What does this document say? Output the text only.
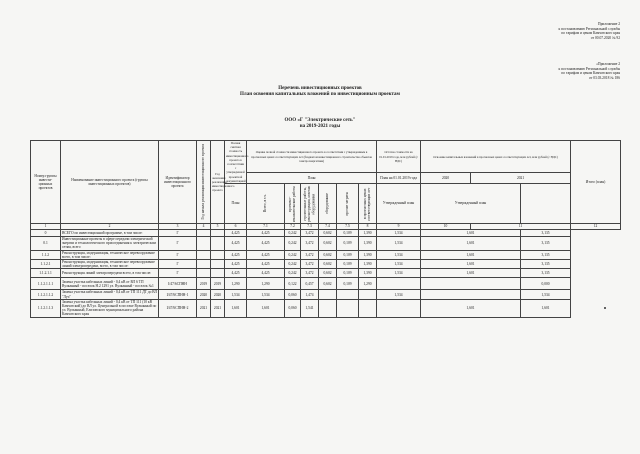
Приложение 2
к постановлению Региональной службы
по тарифам и ценам Камчатского края
от 00.07.2020 № 92
«Приложение 2
к постановлению Региональной службы
по тарифам и ценам Камчатского края
от 03.03.2018 № 186
Перечень инвестиционных проектов
План освоения капитальных вложений по инвестиционным проектам
ООО «Г "Электрические сеть"
на 2019-2021 годы
Номер группы инвести-ционных проектов	Наименование инвестиционного проекта (группы инвестиционных проектов)	Идентификатор инвестиционного проекта	Год начала реализации инвестиционного проекта	Год окончания реализации инвестиционного проекта	Полная сметная стоимость инвестиционного проекта в соответствии с утвержденной проектной документацией	Оценка полной стоимости инвестиционного проекта в соответствии с утвержденным в прогнозных ценах соответствующих лет (бюджетом инвестиционного строительства объектов электроэнергетики)						Остаток стоимости на 01.01.2019 года, млн рублей (с НДС)	Освоение капитальных вложений в прогнозных ценах соответствующих лет, млн рублей (с НДС)			Итого (план)
						План						План на 01.01.2019 года	2020	2021		
					План	Всего, в т.ч.	проектно-изыскательские работы	строительные работы, реконструкция, монтаж оборудования	оборудование	прочие затраты	в прогнозных ценах соответствующих лет	Утвержденный план	Утвержденный план			
1	2	3	4	5	6	7.1	7.2	7.3	7.4	7.5	8	9	10	11		12
0	ВСЕГО по инвестиционной программе, в том числе:	Г			4,425	4,425	0,242	3,472	0,602	0,109	1,390	1,534	1,601		3,135	
0.1	Инвестиционные проекты в сфере передачи электрической энергии и технологического присоединения к электрическим сетям, всего	Г			4,425	4,425	0,242	3,472	0,602	0,109	1,390	1,534	1,601		3,135	
1.1.2	Реконструкция, модернизация, техническое перевооружение всего, в том числе:	Г			4,425	4,425	0,242	3,472	0,602	0,109	1,390	1,534	1,601		3,135	
1.1.2.1	Реконструкция, модернизация, техническое перевооружение линий электропередачи, всего, в том числе:	Г			4,425	4,425	0,242	3,472	0,602	0,109	1,390	1,534	1,601		3,135	
1.1.2.1.1	Реконструкция линий электропередачи всего, в том числе:	Г			4,425	4,425	0,242	3,472	0,602	0,109	1,390	1,534	1,601		3,135	
1.1.2.1.1.1	Замена участка кабельных линий - 0,4 кВ от ВЛ 6 ТП Вулканный - поселок Н.2 1291 ул. Вулканный - поселок №1	I/47/6СПНН	2019	2019	1,290	1,290	0,122	0,457	0,602	0,109	1,290				0,000	
1.1.2.1.1.2	Замена участка кабельных линий - 0,4 кВ от ТП 111 ДТ до ВЛ "Луч"	I/47/6СПНН-1	2020	2020	1,534	1,534	0,060	1,474				1,534			1,534	
1.1.2.1.1.3	Замена участка кабельных линий - 0,4 кВ от ТП 111 (10 кВ Камчатский) до ВЛ ул. Центральной в поселке Вулканный по ул. Вулканный, Елизовского муниципального района Камчатского края	I/47/6СПНН-2	2021	2021	1,601	1,601	0,060	1,541					1,601		1,601	
